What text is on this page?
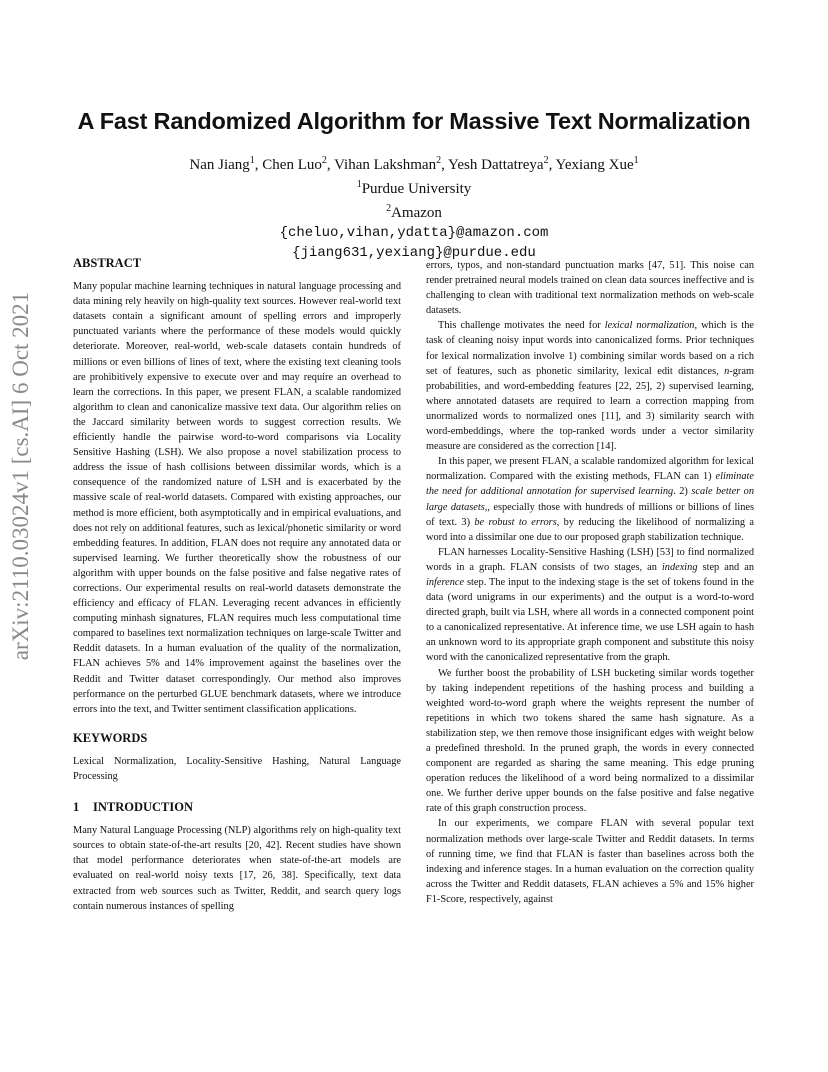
A Fast Randomized Algorithm for Massive Text Normalization
Nan Jiang$^1$, Chen Luo$^2$, Vihan Lakshman$^2$, Yesh Dattatreya$^2$, Yexiang Xue$^1$
$^1$Purdue University
$^2$Amazon
{cheluo,vihan,ydatta}@amazon.com
{jiang631,yexiang}@purdue.edu
arXiv:2110.03024v1 [cs.AI] 6 Oct 2021
ABSTRACT

Many popular machine learning techniques in natural language processing and data mining rely heavily on high-quality text sources. However real-world text datasets contain a significant amount of spelling errors and improperly punctuated variants where the performance of these models would quickly deteriorate. Moreover, real-world, web-scale datasets contain hundreds of millions or even billions of lines of text, where the existing text cleaning tools are prohibitively expensive to execute over and may require an overhead to learn the corrections. In this paper, we present FLAN, a scalable randomized algorithm to clean and canonicalize massive text data. Our algorithm relies on the Jaccard similarity between words to suggest correction results. We efficiently handle the pairwise word-to-word comparisons via Locality Sensitive Hashing (LSH). We also propose a novel stabilization process to address the issue of hash collisions between dissimilar words, which is a consequence of the randomized nature of LSH and is exacerbated by the massive scale of real-world datasets. Compared with existing approaches, our method is more efficient, both asymptotically and in empirical evaluations, and does not rely on additional features, such as lexical/phonetic similarity or word embedding features. In addition, FLAN does not require any annotated data or supervised learning. We further theoretically show the robustness of our algorithm with upper bounds on the false positive and false negative rates of corrections. Our experimental results on real-world datasets demonstrate the efficiency and efficacy of FLAN. Leveraging recent advances in efficiently computing minhash signatures, FLAN requires much less computational time compared to baselines text normalization techniques on large-scale Twitter and Reddit datasets. In a human evaluation of the quality of the normalization, FLAN achieves 5% and 14% improvement against the baselines over the Reddit and Twitter dataset correspondingly. Our method also improves performance on the perturbed GLUE benchmark datasets, where we introduce errors into the text, and Twitter sentiment classification applications.

KEYWORDS

Lexical Normalization, Locality-Sensitive Hashing, Natural Language Processing

1 INTRODUCTION

Many Natural Language Processing (NLP) algorithms rely on high-quality text sources to obtain state-of-the-art results [20, 42]. Recent studies have shown that model performance deteriorates when state-of-the-art models are evaluated on real-world noisy texts [17, 26, 38]. Specifically, text data extracted from web sources such as Twitter, Reddit, and search query logs contain numerous instances of spelling

errors, typos, and non-standard punctuation marks [47, 51]. This noise can render pretrained neural models trained on clean data sources ineffective and is challenging to clean with traditional text normalization methods on web-scale datasets.

This challenge motivates the need for lexical normalization, which is the task of cleaning noisy input words into canonicalized forms. Prior techniques for lexical normalization involve 1) combining similar words based on a rich set of features, such as phonetic similarity, lexical edit distances, n-gram probabilities, and word-embedding features [22, 25], 2) supervised learning, where annotated datasets are required to learn a correction mapping from unormalized words to normalized ones [11], and 3) similarity search with word-embeddings, where the top-ranked words under a vector similarity measure are considered as the correction [14].

In this paper, we present FLAN, a scalable randomized algorithm for lexical normalization. Compared with the existing methods, FLAN can 1) eliminate the need for additional annotation for supervised learning. 2) scale better on large datasets,, especially those with hundreds of millions or billions of lines of text. 3) be robust to errors, by reducing the likelihood of normalizing a word into a dissimilar one due to our proposed graph stabilization technique.

FLAN harnesses Locality-Sensitive Hashing (LSH) [53] to find normalized words in a graph. FLAN consists of two stages, an indexing step and an inference step. The input to the indexing stage is the set of tokens found in the data (word unigrams in our experiments) and the output is a word-to-word directed graph, built via LSH, where all words in a connected component point to a canonicalized representative. At inference time, we use LSH again to hash an unknown word to its appropriate graph component and substitute this noisy word with the canonicalized representative from the graph.

We further boost the probability of LSH bucketing similar words together by taking independent repetitions of the hashing process and building a weighted word-to-word graph where the weights represent the number of repetitions in which two tokens shared the same hash signature. As a stabilization step, we then remove those insignificant edges with weight below a predefined threshold. In the pruned graph, the words in every connected component are regarded as sharing the same meaning. This edge pruning operation reduces the likelihood of a word being normalized to a dissimilar one. We further derive upper bounds on the false positive and false negative rate of this graph construction process.

In our experiments, we compare FLAN with several popular text normalization methods over large-scale Twitter and Reddit datasets. In terms of running time, we find that FLAN is faster than baselines across both the indexing and inference stages. In a human evaluation on the correction quality across the Twitter and Reddit datasets, FLAN achieves a 5% and 15% higher F1-Score, respectively, against
